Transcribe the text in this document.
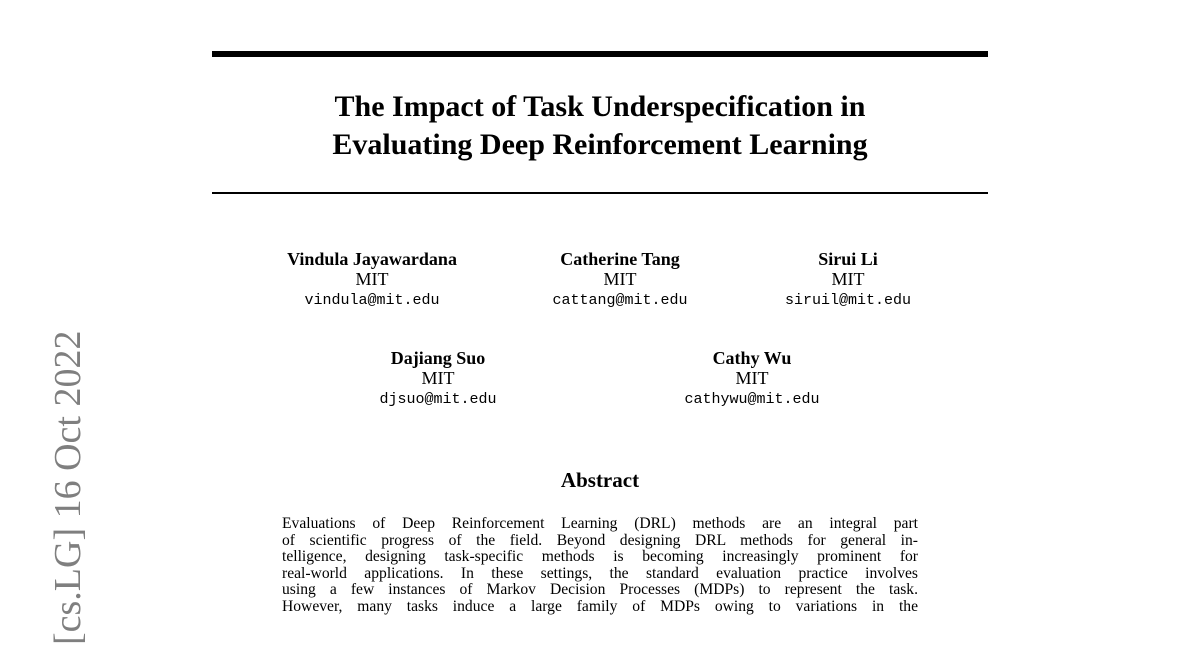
The Impact of Task Underspecification in
Evaluating Deep Reinforcement Learning
Vindula Jayawardana
MIT
vindula@mit.edu
Catherine Tang
MIT
cattang@mit.edu
Sirui Li
MIT
siruil@mit.edu
Dajiang Suo
MIT
djsuo@mit.edu
Cathy Wu
MIT
cathywu@mit.edu
Abstract

Evaluations of Deep Reinforcement Learning (DRL) methods are an integral part
of scientific progress of the field. Beyond designing DRL methods for general in-
telligence, designing task-specific methods is becoming increasingly prominent for
real-world applications. In these settings, the standard evaluation practice involves
using a few instances of Markov Decision Processes (MDPs) to represent the task.
However, many tasks induce a large family of MDPs owing to variations in the

[cs.LG] 16 Oct 2022
